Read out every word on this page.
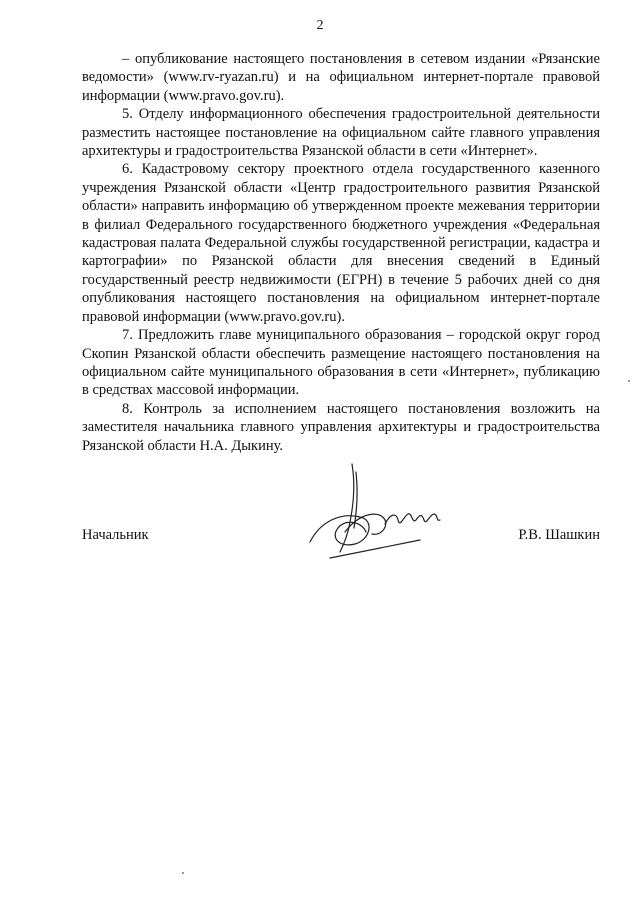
2

– опубликование настоящего постановления в сетевом издании «Рязанские ведомости» (www.rv-ryazan.ru) и на официальном интернет-портале правовой информации (www.pravo.gov.ru).

5. Отделу информационного обеспечения градостроительной деятельности разместить настоящее постановление на официальном сайте главного управления архитектуры и градостроительства Рязанской области в сети «Интернет».

6. Кадастровому сектору проектного отдела государственного казенного учреждения Рязанской области «Центр градостроительного развития Рязанской области» направить информацию об утвержденном проекте межевания территории в филиал Федерального государственного бюджетного учреждения «Федеральная кадастровая палата Федеральной службы государственной регистрации, кадастра и картографии» по Рязанской области для внесения сведений в Единый государственный реестр недвижимости (ЕГРН) в течение 5 рабочих дней со дня опубликования настоящего постановления на официальном интернет-портале правовой информации (www.pravo.gov.ru).

7. Предложить главе муниципального образования – городской округ город Скопин Рязанской области обеспечить размещение настоящего постановления на официальном сайте муниципального образования в сети «Интернет», публикацию в средствах массовой информации.

8. Контроль за исполнением настоящего постановления возложить на заместителя начальника главного управления архитектуры и градостроительства Рязанской области Н.А. Дыкину.

Начальник	Р.В. Шашкин
